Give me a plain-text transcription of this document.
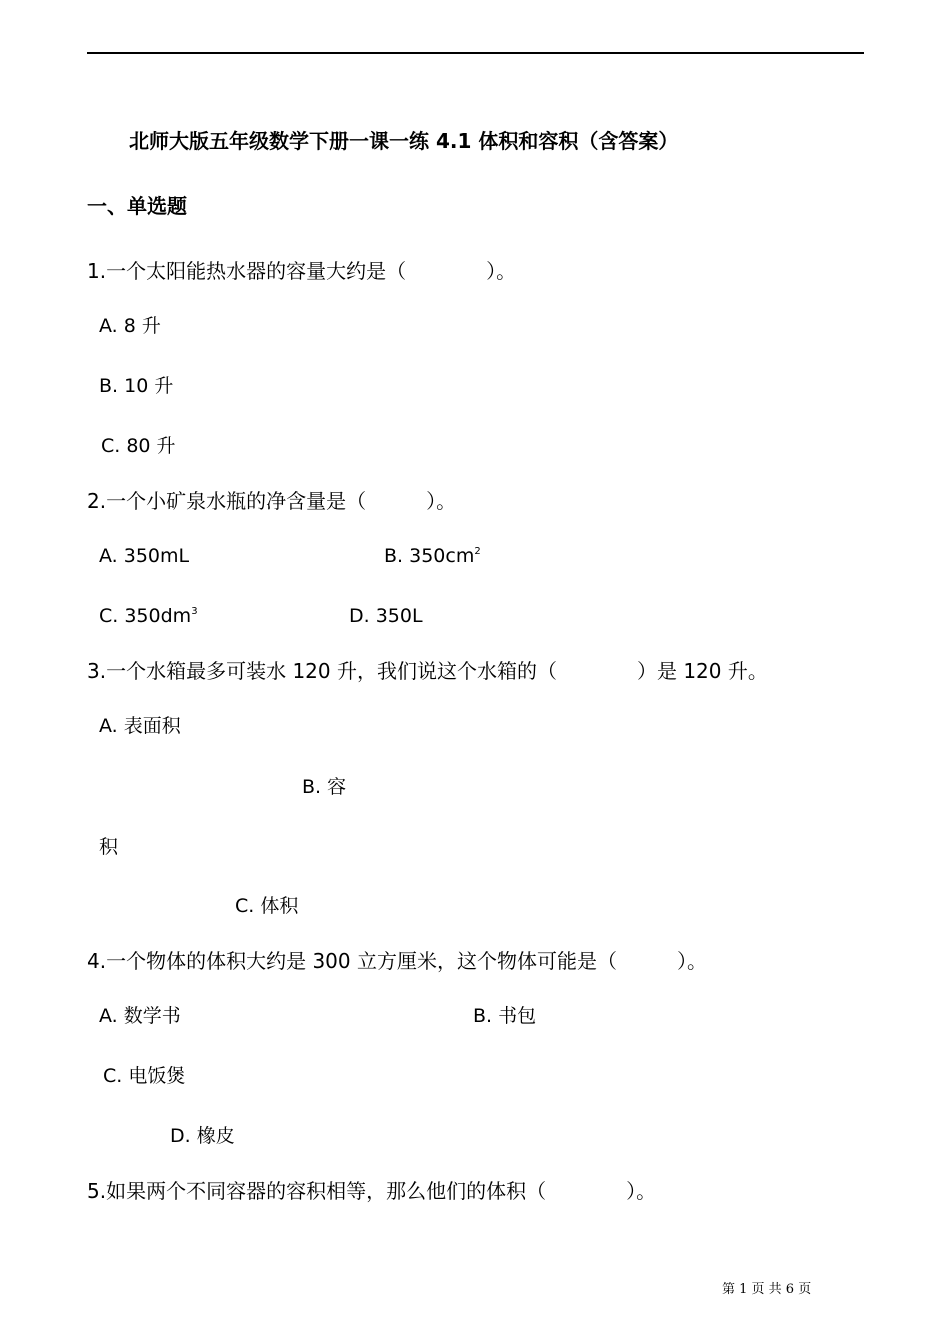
北师大版五年级数学下册一课一练 4.1 体积和容积（含答案）
一、单选题
1.一个太阳能热水器的容量大约是（　　　　）。
A. 8 升
B. 10 升
C. 80 升
2.一个小矿泉水瓶的净含量是（　　　）。
A. 350mL	B. $350cm^2$
C. $350dm^3$	D. 350L
3.一个水箱最多可装水 120 升，我们说这个水箱的（　　　　）是 120 升。
A. 表面积
B. 容
积
C. 体积
4.一个物体的体积大约是 300 立方厘米，这个物体可能是（　　　）。
A. 数学书	B. 书包
C. 电饭煲
D. 橡皮
5.如果两个不同容器的容积相等，那么他们的体积（　　　　）。
第 1 页 共 6 页
